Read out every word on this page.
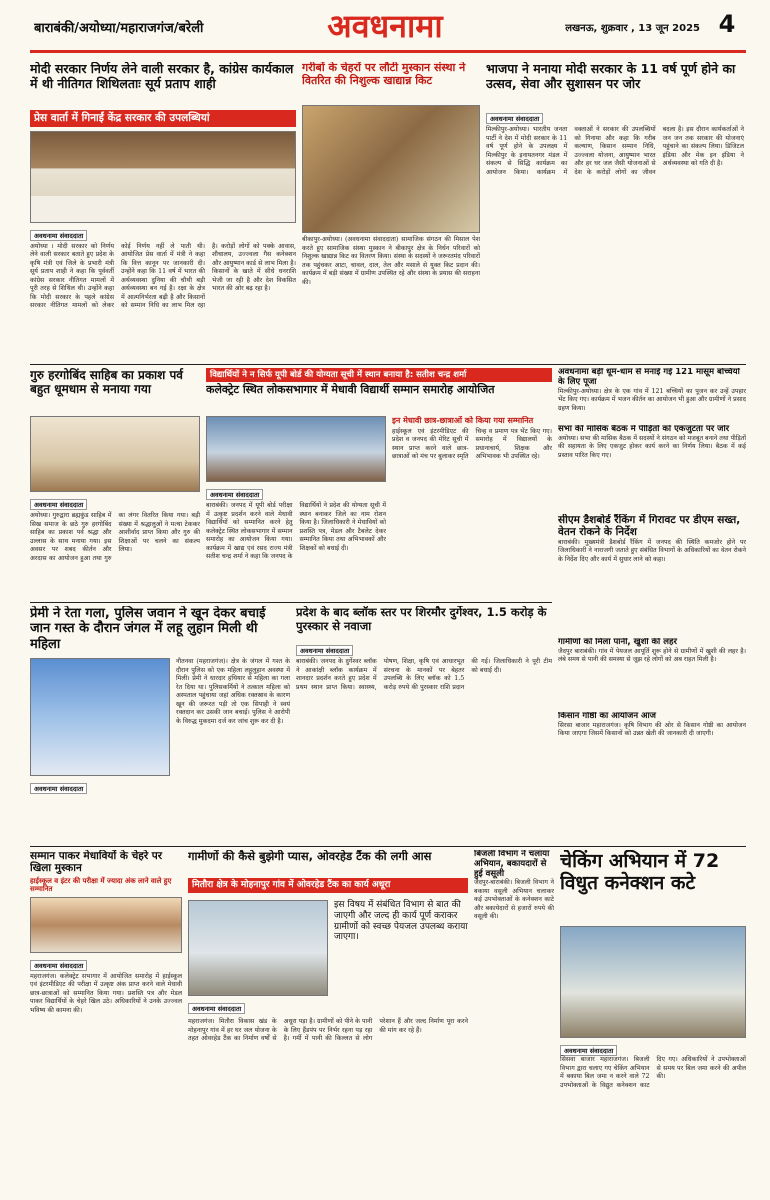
बाराबंकी/अयोध्या/महाराजगंज/बरेली	अवधनामा	लखनऊ, शुक्रवार , 13 जून 2025 4
मोदी सरकार निर्णय लेने वाली सरकार है, कांग्रेस कार्यकाल में थी नीतिगत शिथिलताः सूर्य प्रताप शाही
प्रेस वार्ता में गिनाईं केंद्र सरकार की उपलब्धियां
अवधनामा संवाददाता
अयोध्या । मोदी सरकार को निर्णय लेने वाली सरकार बताते हुए प्रदेश के कृषि मंत्री एवं जिले के प्रभारी मंत्री सूर्य प्रताप शाही ने कहा कि पूर्ववर्ती कांग्रेस सरकार नीतिगत मामलों में पूरी तरह से शिथिल थी। उन्होंने कहा कि मोदी सरकार के पहले कांग्रेस सरकार नीतिगत मामलों को लेकर कोई निर्णय नहीं ले पाती थी। आयोजित प्रेस वार्ता में मंत्री ने कहा कि वित्त कानून पर जानकारी दी। उन्होंने कहा कि 11 वर्ष में भारत की अर्थव्यवस्था दुनिया की चौथी बड़ी अर्थव्यवस्था बन गई है। रक्षा के क्षेत्र में आत्मनिर्भरता बढ़ी है और किसानों को सम्मान निधि का लाभ मिल रहा है। करोड़ों लोगों को पक्के आवास, शौचालय, उज्ज्वला गैस कनेक्शन और आयुष्मान कार्ड से लाभ मिला है। किसानों के खाते में सीधे धनराशि भेजी जा रही है और देश विकसित भारत की ओर बढ़ रहा है।
गरीबों के चेहरों पर लौटी मुस्कान संस्था ने वितरित की निशुल्क खाद्यान्न किट
बीकापुर-अयोध्या। (अवधनामा संवाददाता) सामाजिक संगठन की मिसाल पेश करते हुए सामाजिक संस्था मुस्कान ने बीकापुर क्षेत्र के निर्धन परिवारों को निशुल्क खाद्यान्न किट का वितरण किया। संस्था के सदस्यों ने जरूरतमंद परिवारों तक पहुंचकर आटा, चावल, दाल, तेल और मसाले से युक्त किट प्रदान की। कार्यक्रम में बड़ी संख्या में ग्रामीण उपस्थित रहे और संस्था के प्रयास की सराहना की।
भाजपा ने मनाया मोदी सरकार के 11 वर्ष पूर्ण होने का उत्सव, सेवा और सुशासन पर जोर
अवधनामा संवाददाता
मिल्कीपुर-अयोध्या। भारतीय जनता पार्टी ने देश में मोदी सरकार के 11 वर्ष पूर्ण होने के उपलक्ष्य में मिल्कीपुर के इनायतनगर मंडल में संकल्प से सिद्धि कार्यक्रम का आयोजन किया। कार्यक्रम में वक्ताओं ने सरकार की उपलब्धियों को गिनाया और कहा कि गरीब कल्याण, किसान सम्मान निधि, उज्ज्वला योजना, आयुष्मान भारत और हर घर जल जैसी योजनाओं से देश के करोड़ों लोगों का जीवन बदला है। इस दौरान कार्यकर्ताओं ने जन जन तक सरकार की योजनाएं पहुंचाने का संकल्प लिया। डिजिटल इंडिया और मेक इन इंडिया ने अर्थव्यवस्था को गति दी है।
गुरु हरगोबिंद साहिब का प्रकाश पर्व बहुत धूमधाम से मनाया गया
अवधनामा संवाददाता
अयोध्या। गुरुद्वारा ब्रह्मकुंड साहिब में सिख समाज के छठे गुरु हरगोबिंद साहिब का प्रकाश पर्व श्रद्धा और उल्लास के साथ मनाया गया। इस अवसर पर शबद कीर्तन और अरदास का आयोजन हुआ तथा गुरु का लंगर वितरित किया गया। बड़ी संख्या में श्रद्धालुओं ने मत्था टेककर आशीर्वाद प्राप्त किया और गुरु की शिक्षाओं पर चलने का संकल्प लिया।
विद्यार्थियों ने न सिर्फ यूपी बोर्ड की योग्यता सूची में स्थान बनाया है: सतीश चन्द्र शर्मा
कलेक्ट्रेट स्थित लोकसभागार में मेधावी विद्यार्थी सम्मान समारोह आयोजित
अवधनामा संवाददाता
बाराबंकी। जनपद में यूपी बोर्ड परीक्षा में उत्कृष्ट प्रदर्शन करने वाले मेधावी विद्यार्थियों को सम्मानित करने हेतु कलेक्ट्रेट स्थित लोकसभागार में सम्मान समारोह का आयोजन किया गया। कार्यक्रम में खाद्य एवं रसद राज्य मंत्री सतीश चन्द्र शर्मा ने कहा कि जनपद के विद्यार्थियों ने प्रदेश की योग्यता सूची में स्थान बनाकर जिले का नाम रोशन किया है। जिलाधिकारी ने मेधावियों को प्रशस्ति पत्र, मेडल और टैबलेट देकर सम्मानित किया तथा अभिभावकों और शिक्षकों को बधाई दी।
इन मेधावी छात्र-छात्राओं को किया गया सम्मानित
हाईस्कूल एवं इंटरमीडिएट की प्रदेश व जनपद की मेरिट सूची में स्थान प्राप्त करने वाले छात्र-छात्राओं को मंच पर बुलाकर स्मृति चिन्ह व प्रमाण पत्र भेंट किए गए। समारोह में विद्यालयों के प्रधानाचार्य, शिक्षक और अभिभावक भी उपस्थित रहे।
अवधनामा बड़ी धूम-धाम से मनाई गई 121 मासूम बच्चियों के लिए पूजा
मिल्कीपुर-अयोध्या। क्षेत्र के एक गांव में 121 बच्चियों का पूजन कर उन्हें उपहार भेंट किए गए। कार्यक्रम में भजन कीर्तन का आयोजन भी हुआ और ग्रामीणों ने प्रसाद ग्रहण किया।
सभा की मासिक बैठक में पीड़ितों को एकजुटता पर जोर
अयोध्या। सभा की मासिक बैठक में सदस्यों ने संगठन को मजबूत बनाने तथा पीड़ितों की सहायता के लिए एकजुट होकर कार्य करने का निर्णय लिया। बैठक में कई प्रस्ताव पारित किए गए।
सीएम डैशबोर्ड रैंकिंग में गिरावट पर डीएम सख्त, वेतन रोकने के निर्देश
बाराबंकी। मुख्यमंत्री डैशबोर्ड रैंकिंग में जनपद की स्थिति कमजोर होने पर जिलाधिकारी ने नाराजगी जताते हुए संबंधित विभागों के अधिकारियों का वेतन रोकने के निर्देश दिए और कार्य में सुधार लाने को कहा।
गामीणों को मिला पानी, खुशी की लहर
जैदपुर बाराबंकी। गांव में पेयजल आपूर्ति शुरू होने से ग्रामीणों में खुशी की लहर है। लंबे समय से पानी की समस्या से जूझ रहे लोगों को अब राहत मिली है।
किसान गोष्ठी का आयोजन आज
सिरसा बाजार महाराजगंज। कृषि विभाग की ओर से किसान गोष्ठी का आयोजन किया जाएगा जिसमें किसानों को उन्नत खेती की जानकारी दी जाएगी।
प्रेमी ने रेता गला, पुलिस जवान ने खून देकर बचाई जान गस्त के दौरान जंगल में लहू लुहान मिली थी महिला
अवधनामा संवाददाता
नौतनवा (महराजगंज)। क्षेत्र के जंगल में गश्त के दौरान पुलिस को एक महिला लहूलुहान अवस्था में मिली। प्रेमी ने धारदार हथियार से महिला का गला रेत दिया था। पुलिसकर्मियों ने तत्काल महिला को अस्पताल पहुंचाया जहां अधिक रक्तस्राव के कारण खून की जरूरत पड़ी तो एक सिपाही ने स्वयं रक्तदान कर उसकी जान बचाई। पुलिस ने आरोपी के विरुद्ध मुकदमा दर्ज कर जांच शुरू कर दी है।
प्रदेश के बाद ब्लॉक स्तर पर शिरमौर दुर्गेश्वर, 1.5 करोड़ के पुरस्कार से नवाजा
अवधनामा संवाददाता
बाराबंकी। जनपद के दुर्गेश्वर ब्लॉक ने आकांक्षी ब्लॉक कार्यक्रम में शानदार प्रदर्शन करते हुए प्रदेश में प्रथम स्थान प्राप्त किया। स्वास्थ्य, पोषण, शिक्षा, कृषि एवं आधारभूत संरचना के मानकों पर बेहतर उपलब्धि के लिए ब्लॉक को 1.5 करोड़ रुपये की पुरस्कार राशि प्रदान की गई। जिलाधिकारी ने पूरी टीम को बधाई दी।
सम्मान पाकर मेधावियों के चेहरे पर खिला मुस्कान
हाईस्कूल व इंटर की परीक्षा में ज्यादा अंक लाने वाले हुए सम्मानित
अवधनामा संवाददाता
महराजगंज। कलेक्ट्रेट सभागार में आयोजित समारोह में हाईस्कूल एवं इंटरमीडिएट की परीक्षा में उत्कृष्ट अंक प्राप्त करने वाले मेधावी छात्र-छात्राओं को सम्मानित किया गया। प्रशस्ति पत्र और मेडल पाकर विद्यार्थियों के चेहरे खिल उठे। अधिकारियों ने उनके उज्ज्वल भविष्य की कामना की।
गामीणों की कैसे बुझेगी प्यास, ओवरहेड टैंक की लगी आस
मितौरा क्षेत्र के मोहनापुर गांव में ओवरहेड टैंक का कार्य अधूरा
अवधनामा संवाददाता
इस विषय में संबंधित विभाग से बात की जाएगी और जल्द ही कार्य पूर्ण कराकर ग्रामीणों को स्वच्छ पेयजल उपलब्ध कराया जाएगा।
महराजगंज। मितौरा विकास खंड के मोहनापुर गांव में हर घर जल योजना के तहत ओवरहेड टैंक का निर्माण वर्षों से अधूरा पड़ा है। ग्रामीणों को पीने के पानी के लिए हैंडपंप पर निर्भर रहना पड़ रहा है। गर्मी में पानी की किल्लत से लोग परेशान हैं और जल्द निर्माण पूरा करने की मांग कर रहे हैं।
बिजली विभाग ने चलाया अभियान, बकायदारों से हुई वसूली
जैदपुर-बाराबंकी। बिजली विभाग ने बकाया वसूली अभियान चलाकर कई उपभोक्ताओं के कनेक्शन काटे और बकायेदारों से हजारों रुपये की वसूली की।
चेकिंग अभियान में 72 विधुत कनेक्शन कटे
अवधनामा संवाददाता
सिसवा बाजार महाराजगंज। बिजली विभाग द्वारा चलाए गए चेकिंग अभियान में बकाया बिल जमा न करने वाले 72 उपभोक्ताओं के विद्युत कनेक्शन काट दिए गए। अधिकारियों ने उपभोक्ताओं से समय पर बिल जमा करने की अपील की।
